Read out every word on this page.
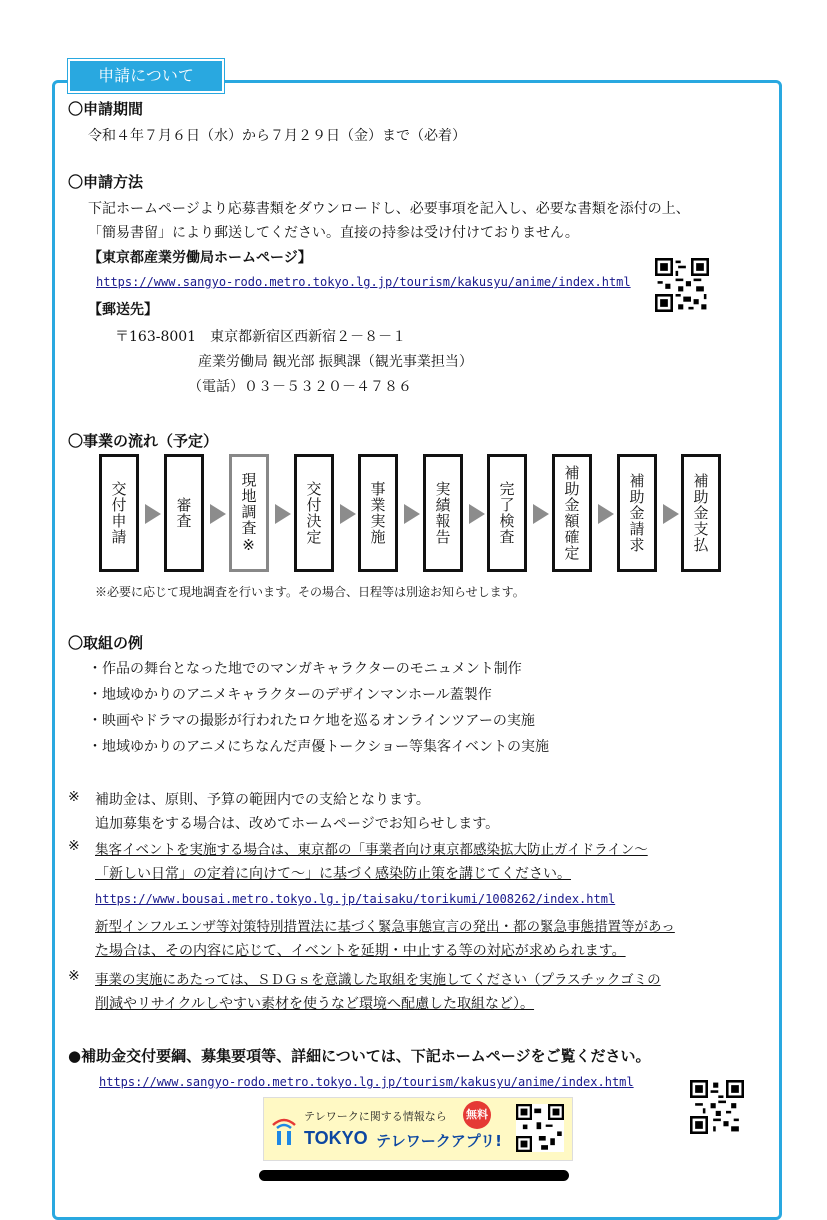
申請について
〇申請期間
令和４年７月６日（水）から７月２９日（金）まで（必着）
〇申請方法
下記ホームページより応募書類をダウンロードし、必要事項を記入し、必要な書類を添付の上、
「簡易書留」により郵送してください。直接の持参は受け付けておりません。
【東京都産業労働局ホームページ】
https://www.sangyo-rodo.metro.tokyo.lg.jp/tourism/kakusyu/anime/index.html
【郵送先】
〒163-8001　東京都新宿区西新宿２－８－１
産業労働局 観光部 振興課（観光事業担当）
（電話）０３－５３２０－４７８６
〇事業の流れ（予定）
交付申請	審査	現地調査※	交付決定	事業実施	実績報告	完了検査	補助金額確定	補助金請求	補助金支払
※必要に応じて現地調査を行います。その場合、日程等は別途お知らせします。
〇取組の例
・作品の舞台となった地でのマンガキャラクターのモニュメント制作
・地域ゆかりのアニメキャラクターのデザインマンホール蓋製作
・映画やドラマの撮影が行われたロケ地を巡るオンラインツアーの実施
・地域ゆかりのアニメにちなんだ声優トークショー等集客イベントの実施
※ 補助金は、原則、予算の範囲内での支給となります。
追加募集をする場合は、改めてホームページでお知らせします。
※ 集客イベントを実施する場合は、東京都の「事業者向け東京都感染拡大防止ガイドライン～
「新しい日常」の定着に向けて～」に基づく感染防止策を講じてください。
https://www.bousai.metro.tokyo.lg.jp/taisaku/torikumi/1008262/index.html
新型インフルエンザ等対策特別措置法に基づく緊急事態宣言の発出・都の緊急事態措置等があっ
た場合は、その内容に応じて、イベントを延期・中止する等の対応が求められます。
※ 事業の実施にあたっては、ＳＤＧｓを意識した取組を実施してください（プラスチックゴミの
削減やリサイクルしやすい素材を使うなど環境へ配慮した取組など）。
●補助金交付要綱、募集要項等、詳細については、下記ホームページをご覧ください。
https://www.sangyo-rodo.metro.tokyo.lg.jp/tourism/kakusyu/anime/index.html
テレワークに関する情報なら 無料
TOKYO テレワークアプリ!
